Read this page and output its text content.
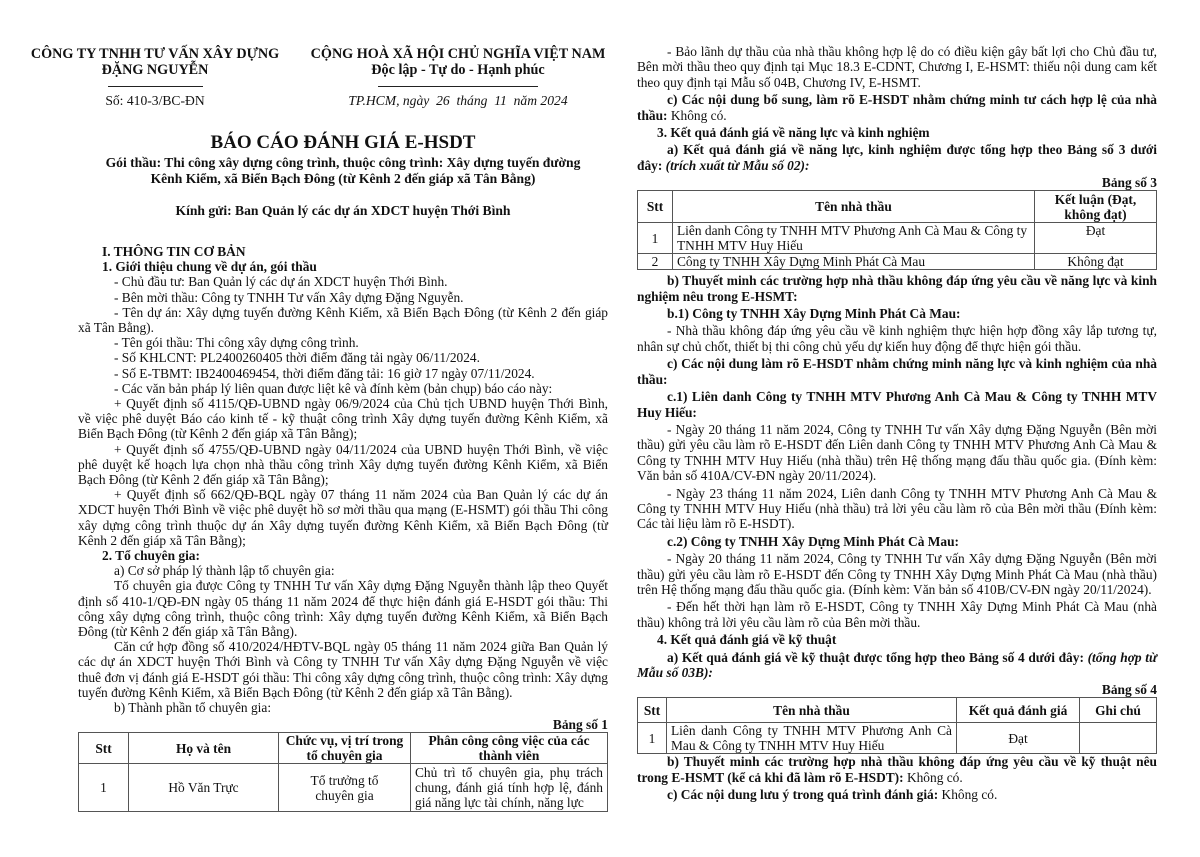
CÔNG TY TNHH TƯ VẤN XÂY DỰNG
ĐẶNG NGUYỄN
Số: 410-3/BC-ĐN
CỘNG HOÀ XÃ HỘI CHỦ NGHĨA VIỆT NAM
Độc lập - Tự do - Hạnh phúc
TP.HCM, ngày  26  tháng  11  năm 2024
BÁO CÁO ĐÁNH GIÁ E-HSDT
Gói thầu: Thi công xây dựng công trình, thuộc công trình: Xây dựng tuyến đường Kênh Kiểm, xã Biển Bạch Đông (từ Kênh 2 đến giáp xã Tân Bằng)
Kính gửi: Ban Quản lý các dự án XDCT huyện Thới Bình

I. THÔNG TIN CƠ BẢN

1. Giới thiệu chung về dự án, gói thầu

- Chủ đầu tư: Ban Quản lý các dự án XDCT huyện Thới Bình.

- Bên mời thầu: Công ty TNHH Tư vấn Xây dựng Đặng Nguyễn.

- Tên dự án: Xây dựng tuyến đường Kênh Kiểm, xã Biển Bạch Đông (từ Kênh 2 đến giáp xã Tân Bằng).

- Tên gói thầu: Thi công xây dựng công trình.

- Số KHLCNT: PL2400260405 thời điểm đăng tải ngày 06/11/2024.

- Số E-TBMT: IB2400469454, thời điểm đăng tải: 16 giờ 17 ngày 07/11/2024.

- Các văn bản pháp lý liên quan được liệt kê và đính kèm (bản chụp) báo cáo này:

+ Quyết định số 4115/QĐ-UBND ngày 06/9/2024 của Chủ tịch UBND huyện Thới Bình, về việc phê duyệt Báo cáo kinh tế - kỹ thuật công trình Xây dựng tuyến đường Kênh Kiểm, xã Biển Bạch Đông (từ Kênh 2 đến giáp xã Tân Bằng);

+ Quyết định số 4755/QĐ-UBND ngày 04/11/2024 của UBND huyện Thới Bình, về việc phê duyệt kế hoạch lựa chọn nhà thầu công trình Xây dựng tuyến đường Kênh Kiểm, xã Biển Bạch Đông (từ Kênh 2 đến giáp xã Tân Bằng);

+ Quyết định số 662/QĐ-BQL ngày 07 tháng 11 năm 2024 của Ban Quản lý các dự án XDCT huyện Thới Bình về việc phê duyệt hồ sơ mời thầu qua mạng (E-HSMT) gói thầu Thi công xây dựng công trình thuộc dự án Xây dựng tuyến đường Kênh Kiểm, xã Biển Bạch Đông (từ Kênh 2 đến giáp xã Tân Bằng);

2. Tổ chuyên gia:

a) Cơ sở pháp lý thành lập tổ chuyên gia:

Tổ chuyên gia được Công ty TNHH Tư vấn Xây dựng Đặng Nguyễn thành lập theo Quyết định số 410-1/QĐ-ĐN ngày 05 tháng 11 năm 2024 để thực hiện đánh giá E-HSDT gói thầu: Thi công xây dựng công trình, thuộc công trình: Xây dựng tuyến đường Kênh Kiểm, xã Biển Bạch Đông (từ Kênh 2 đến giáp xã Tân Bằng).

Căn cứ hợp đồng số 410/2024/HĐTV-BQL ngày 05 tháng 11 năm 2024 giữa Ban Quản lý các dự án XDCT huyện Thới Bình và Công ty TNHH Tư vấn Xây dựng Đặng Nguyễn về việc thuê đơn vị đánh giá E-HSDT gói thầu: Thi công xây dựng công trình, thuộc công trình: Xây dựng tuyến đường Kênh Kiểm, xã Biển Bạch Đông (từ Kênh 2 đến giáp xã Tân Bằng).

b) Thành phần tổ chuyên gia:

Bảng số 1
Stt	Họ và tên	Chức vụ, vị trí trong tổ chuyên gia	Phân công công việc của các thành viên
1	Hồ Văn Trực	Tổ trưởng tổ chuyên gia	Chủ trì tổ chuyên gia, phụ trách chung, đánh giá tính hợp lệ, đánh giá năng lực tài chính, năng lực

- Bảo lãnh dự thầu của nhà thầu không hợp lệ do có điều kiện gây bất lợi cho Chủ đầu tư, Bên mời thầu theo quy định tại Mục 18.3 E-CDNT, Chương I, E-HSMT: thiếu nội dung cam kết theo quy định tại Mẫu số 04B, Chương IV, E-HSMT.

c) Các nội dung bổ sung, làm rõ E-HSDT nhằm chứng minh tư cách hợp lệ của nhà thầu: Không có.

3. Kết quả đánh giá về năng lực và kinh nghiệm

a) Kết quả đánh giá về năng lực, kinh nghiệm được tổng hợp theo Bảng số 3 dưới đây: (trích xuất từ Mẫu số 02):

Bảng số 3
Stt	Tên nhà thầu	Kết luận (Đạt, không đạt)
1	Liên danh Công ty TNHH MTV Phương Anh Cà Mau & Công ty TNHH MTV Huy Hiếu	Đạt
2	Công ty TNHH Xây Dựng Minh Phát Cà Mau	Không đạt

b) Thuyết minh các trường hợp nhà thầu không đáp ứng yêu cầu về năng lực và kinh nghiệm nêu trong E-HSMT:

b.1) Công ty TNHH Xây Dựng Minh Phát Cà Mau:

- Nhà thầu không đáp ứng yêu cầu về kinh nghiệm thực hiện hợp đồng xây lắp tương tự, nhân sự chủ chốt, thiết bị thi công chủ yếu dự kiến huy động để thực hiện gói thầu.

c) Các nội dung làm rõ E-HSDT nhằm chứng minh năng lực và kinh nghiệm của nhà thầu:

c.1) Liên danh Công ty TNHH MTV Phương Anh Cà Mau & Công ty TNHH MTV Huy Hiếu:

- Ngày 20 tháng 11 năm 2024, Công ty TNHH Tư vấn Xây dựng Đặng Nguyễn (Bên mời thầu) gửi yêu cầu làm rõ E-HSDT đến Liên danh Công ty TNHH MTV Phương Anh Cà Mau & Công ty TNHH MTV Huy Hiếu (nhà thầu) trên Hệ thống mạng đấu thầu quốc gia. (Đính kèm: Văn bản số 410A/CV-ĐN ngày 20/11/2024).

- Ngày 23 tháng 11 năm 2024, Liên danh Công ty TNHH MTV Phương Anh Cà Mau & Công ty TNHH MTV Huy Hiếu (nhà thầu) trả lời yêu cầu làm rõ của Bên mời thầu (Đính kèm: Các tài liệu làm rõ E-HSDT).

c.2) Công ty TNHH Xây Dựng Minh Phát Cà Mau:

- Ngày 20 tháng 11 năm 2024, Công ty TNHH Tư vấn Xây dựng Đặng Nguyễn (Bên mời thầu) gửi yêu cầu làm rõ E-HSDT đến Công ty TNHH Xây Dựng Minh Phát Cà Mau (nhà thầu) trên Hệ thống mạng đấu thầu quốc gia. (Đính kèm: Văn bản số 410B/CV-ĐN ngày 20/11/2024).

- Đến hết thời hạn làm rõ E-HSDT, Công ty TNHH Xây Dựng Minh Phát Cà Mau (nhà thầu) không trả lời yêu cầu làm rõ của Bên mời thầu.

4. Kết quả đánh giá về kỹ thuật

a) Kết quả đánh giá về kỹ thuật được tổng hợp theo Bảng số 4 dưới đây: (tổng hợp từ Mẫu số 03B):

Bảng số 4
Stt	Tên nhà thầu	Kết quả đánh giá	Ghi chú
1	Liên danh Công ty TNHH MTV Phương Anh Cà Mau & Công ty TNHH MTV Huy Hiếu	Đạt	

b) Thuyết minh các trường hợp nhà thầu không đáp ứng yêu cầu về kỹ thuật nêu trong E-HSMT (kể cả khi đã làm rõ E-HSDT): Không có.

c) Các nội dung lưu ý trong quá trình đánh giá: Không có.
